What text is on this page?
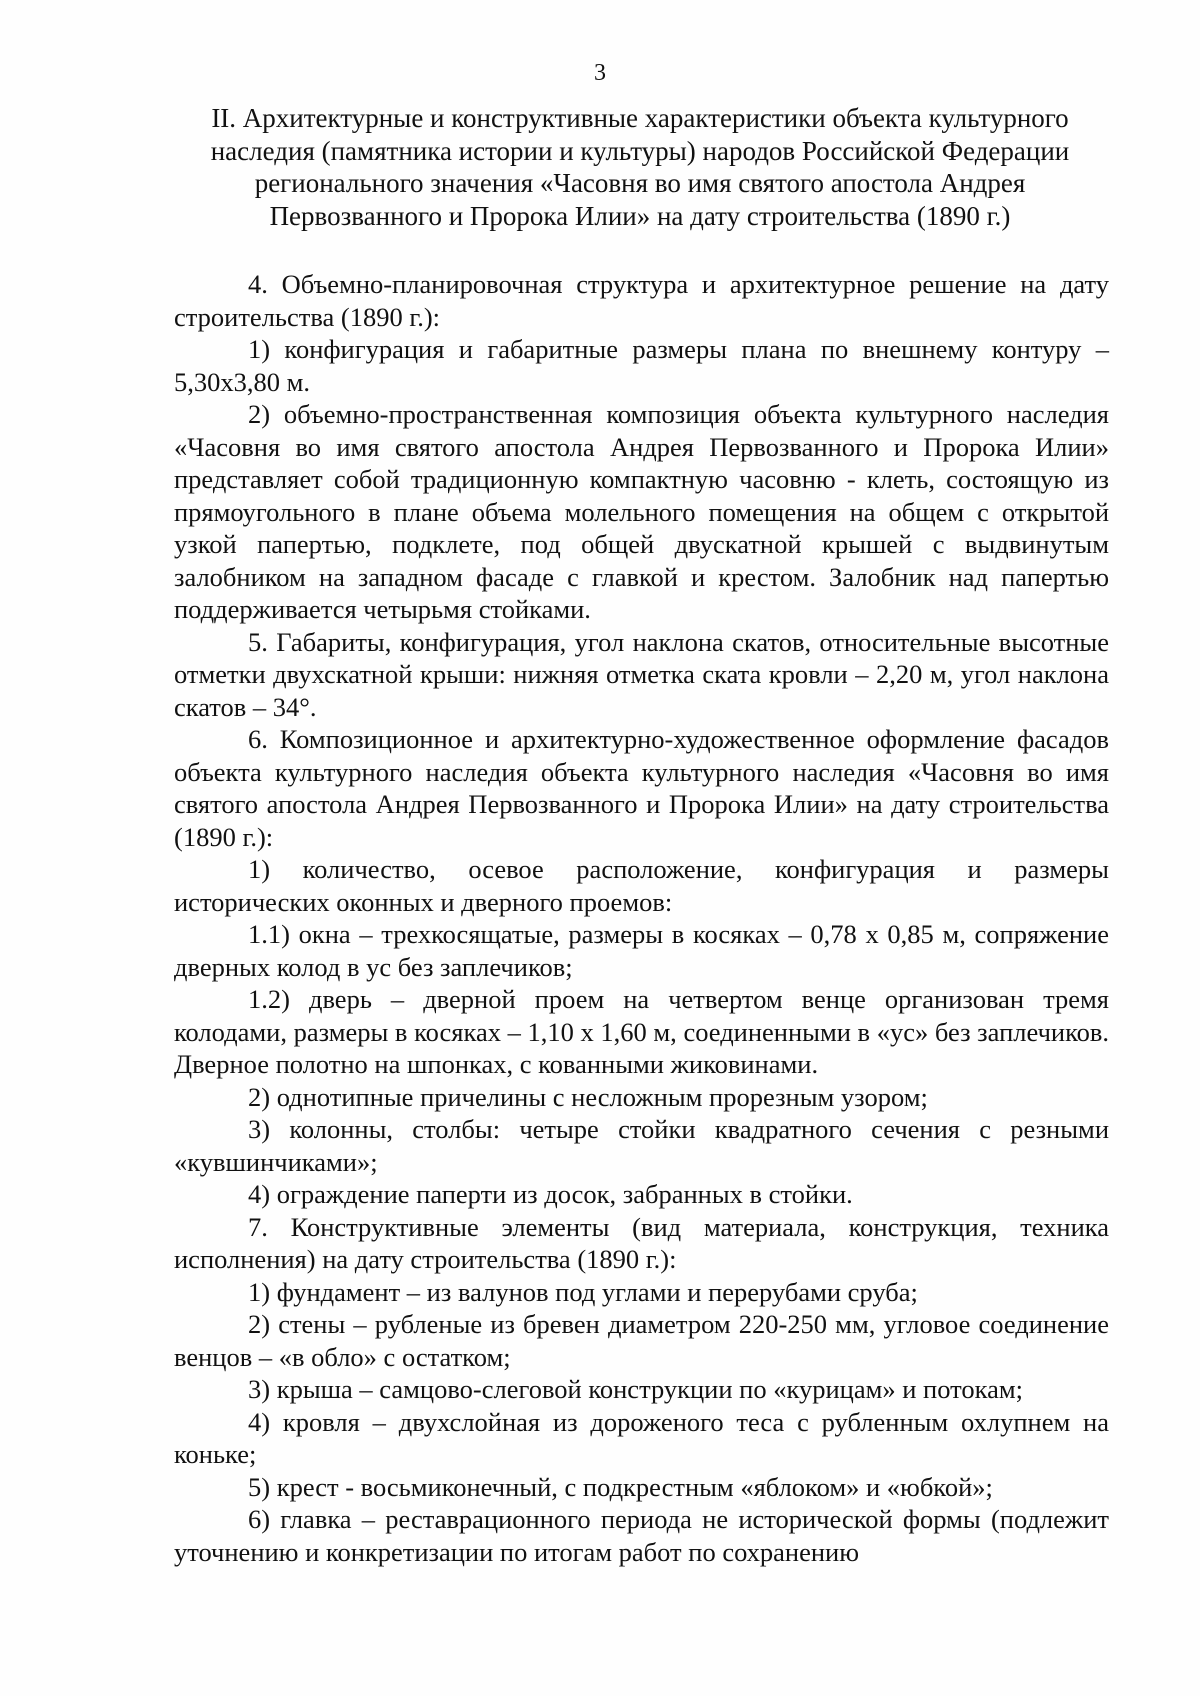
3
II. Архитектурные и конструктивные характеристики объекта культурного
наследия (памятника истории и культуры) народов Российской Федерации
регионального значения «Часовня во имя святого апостола Андрея
Первозванного и Пророка Илии» на дату строительства (1890 г.)

4. Объемно-планировочная структура и архитектурное решение на дату строительства (1890 г.):

1) конфигурация и габаритные размеры плана по внешнему контуру – 5,30х3,80 м.

2) объемно-пространственная композиция объекта культурного наследия «Часовня во имя святого апостола Андрея Первозванного и Пророка Илии» представляет собой традиционную компактную часовню - клеть, состоящую из прямоугольного в плане объема молельного помещения на общем с открытой узкой папертью, подклете, под общей двускатной крышей с выдвинутым залобником на западном фасаде с главкой и крестом. Залобник над папертью поддерживается четырьмя стойками.

5. Габариты, конфигурация, угол наклона скатов, относительные высотные отметки двухскатной крыши: нижняя отметка ската кровли – 2,20 м, угол наклона скатов – 34°.

6. Композиционное и архитектурно-художественное оформление фасадов объекта культурного наследия объекта культурного наследия «Часовня во имя святого апостола Андрея Первозванного и Пророка Илии» на дату строительства (1890 г.):

1) количество, осевое расположение, конфигурация и размеры исторических оконных и дверного проемов:

1.1) окна – трехкосящатые, размеры в косяках – 0,78 х 0,85 м, сопряжение дверных колод в ус без заплечиков;

1.2) дверь – дверной проем на четвертом венце организован тремя колодами, размеры в косяках – 1,10 х 1,60 м, соединенными в «ус» без заплечиков. Дверное полотно на шпонках, с кованными жиковинами.

2) однотипные причелины с несложным прорезным узором;

3) колонны, столбы: четыре стойки квадратного сечения с резными «кувшинчиками»;

4) ограждение паперти из досок, забранных в стойки.

7. Конструктивные элементы (вид материала, конструкция, техника исполнения) на дату строительства (1890 г.):

1) фундамент – из валунов под углами и перерубами сруба;

2) стены – рубленые из бревен диаметром 220-250 мм, угловое соединение венцов – «в обло» с остатком;

3) крыша – самцово-слеговой конструкции по «курицам» и потокам;

4) кровля – двухслойная из дороженого теса с рубленным охлупнем на коньке;

5) крест - восьмиконечный, с подкрестным «яблоком» и «юбкой»;

6) главка – реставрационного периода не исторической формы (подлежит уточнению и конкретизации по итогам работ по сохранению
